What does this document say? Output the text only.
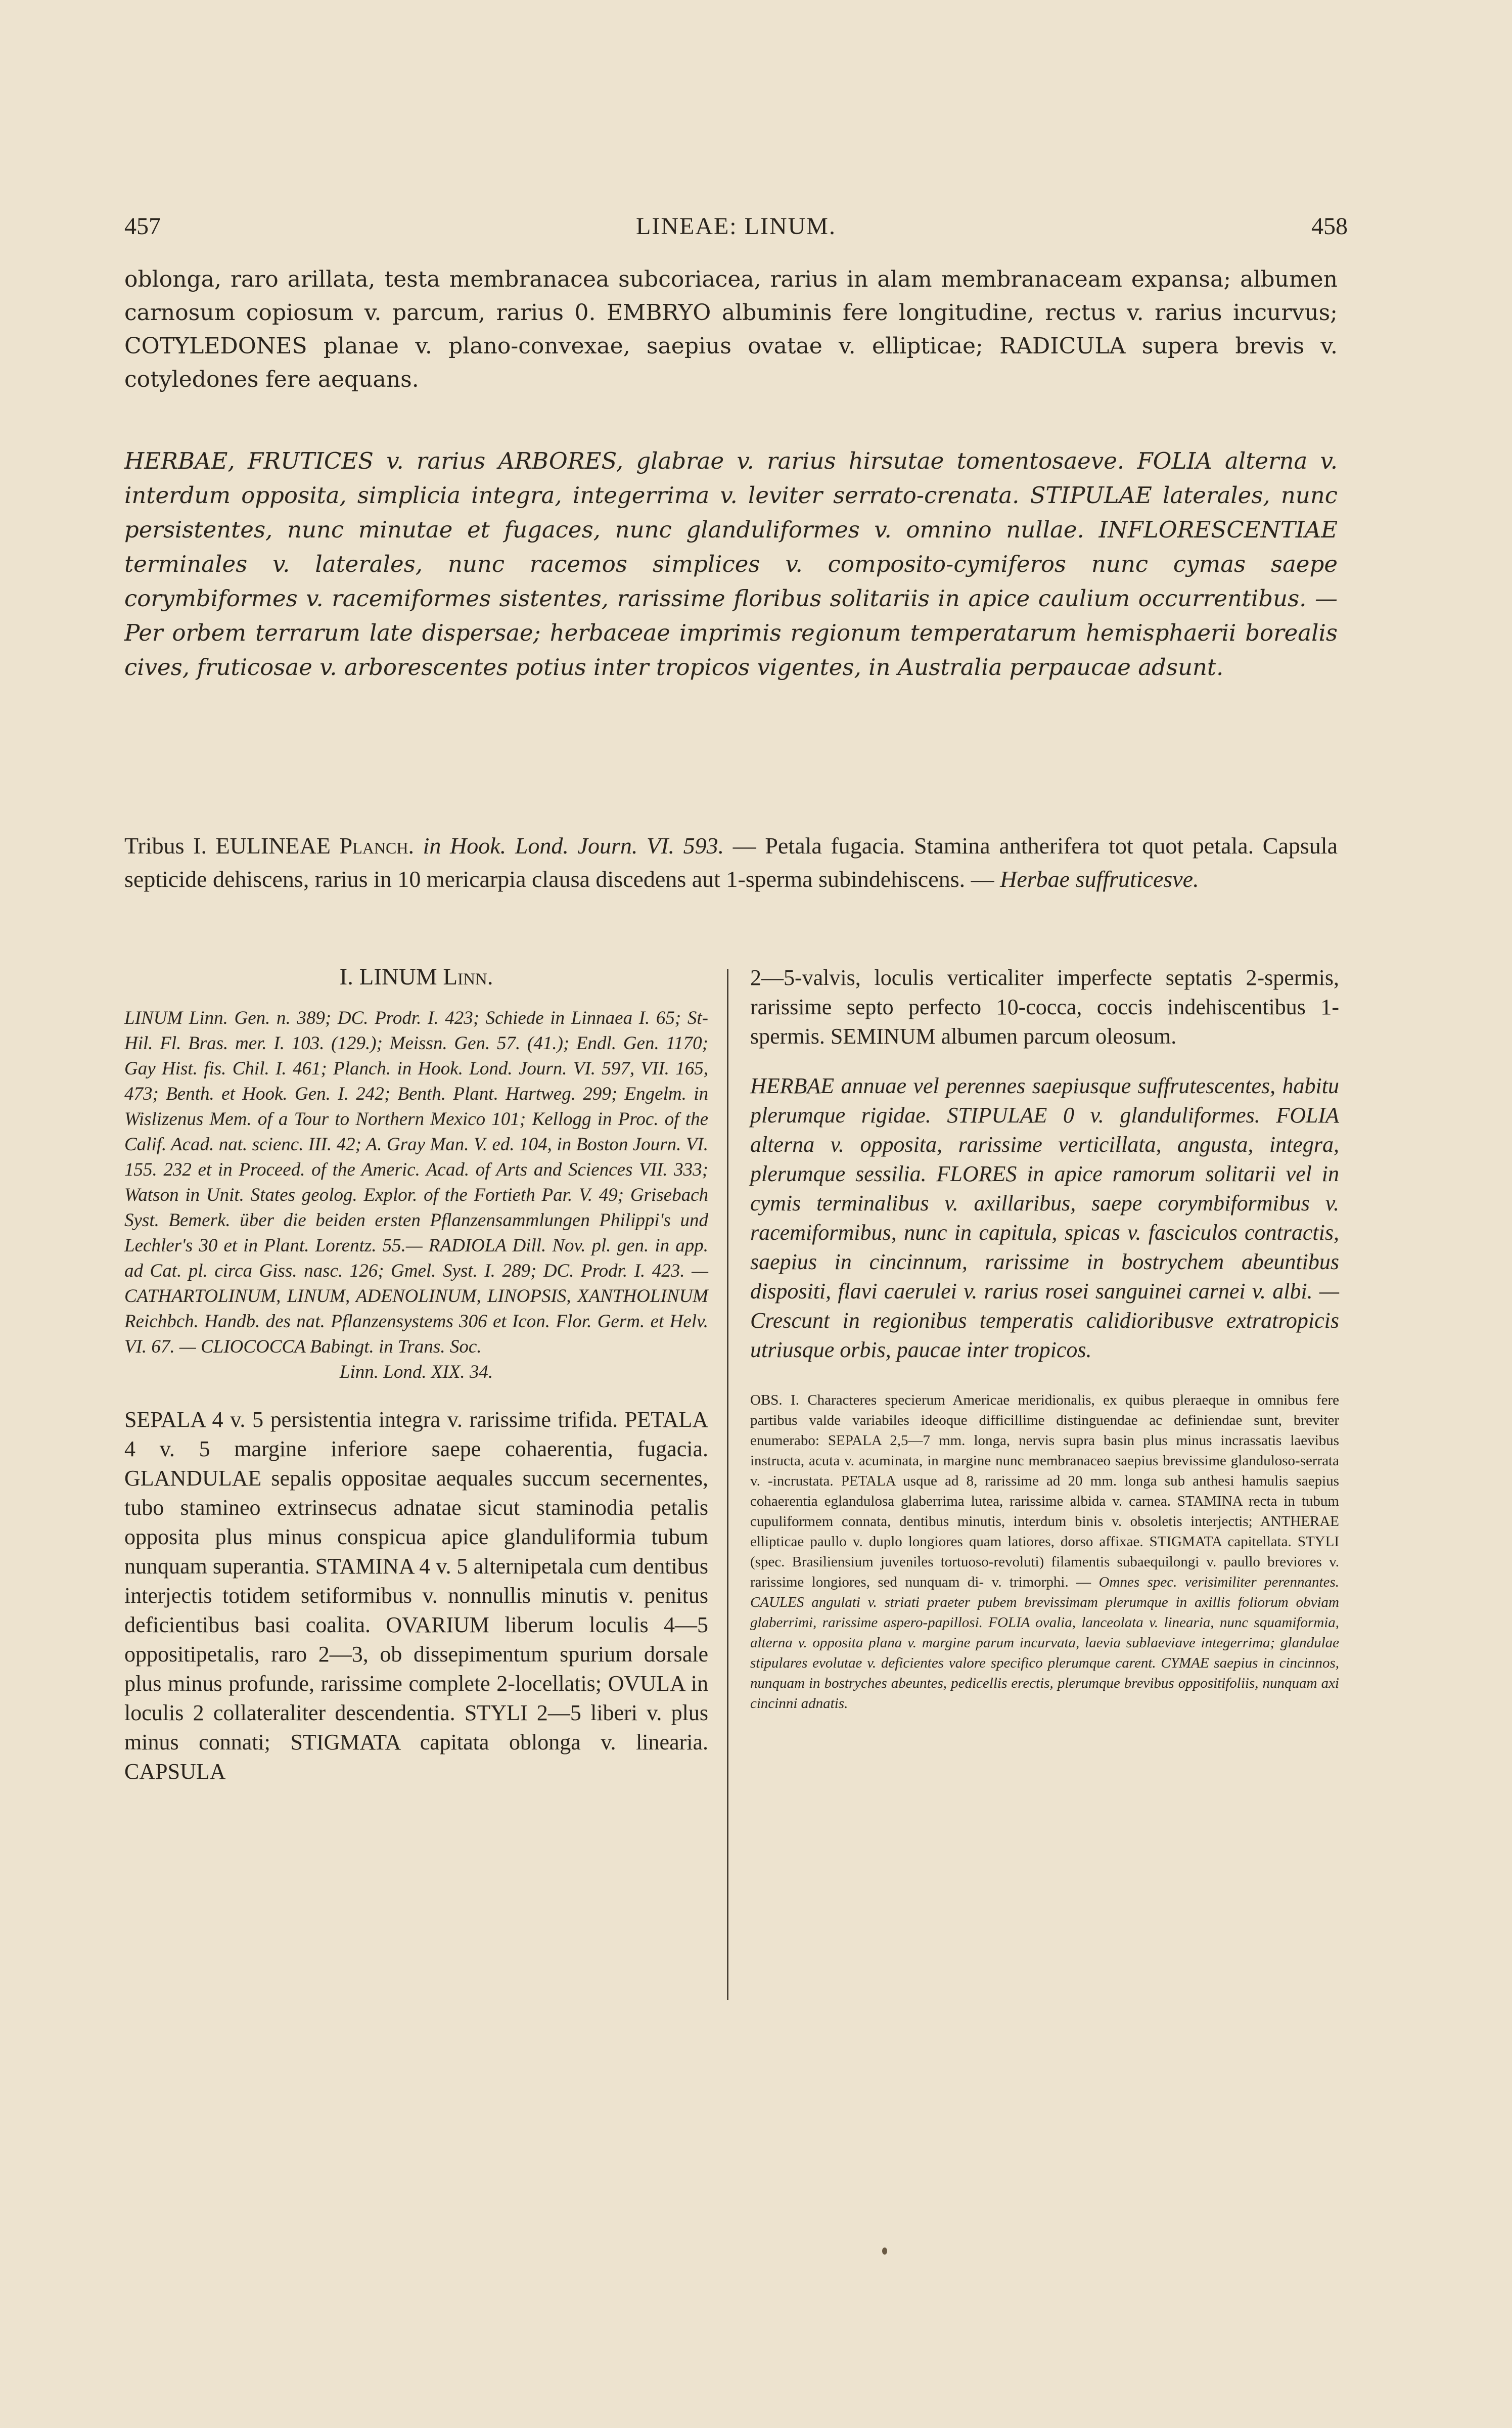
457	LINEAE: LINUM.	458
oblonga, raro arillata, testa membranacea subcoriacea, rarius in alam membranaceam expansa; albumen carnosum copiosum v. parcum, rarius 0. EMBRYO albuminis fere longitudine, rectus v. rarius incurvus; COTYLEDONES planae v. plano-convexae, saepius ovatae v. ellipticae; RADICULA supera brevis v. cotyledones fere aequans.
HERBAE, FRUTICES v. rarius ARBORES, glabrae v. rarius hirsutae tomentosaeve. FOLIA alterna v. interdum opposita, simplicia integra, integerrima v. leviter serrato-crenata. STIPULAE laterales, nunc persistentes, nunc minutae et fugaces, nunc glanduliformes v. omnino nullae. INFLORESCENTIAE terminales v. laterales, nunc racemos simplices v. composito-cymiferos nunc cymas saepe corymbiformes v. racemiformes sistentes, rarissime floribus solitariis in apice caulium occurrentibus. — Per orbem terrarum late dispersae; herbaceae imprimis regionum temperatarum hemisphaerii borealis cives, fruticosae v. arborescentes potius inter tropicos vigentes, in Australia perpaucae adsunt.
Tribus I. EULINEAE Planch. in Hook. Lond. Journ. VI. 593. — Petala fugacia. Stamina antherifera tot quot petala. Capsula septicide dehiscens, rarius in 10 mericarpia clausa discedens aut 1-sperma subindehiscens. — Herbae suffruticesve.
I. LINUM Linn.

LINUM Linn. Gen. n. 389; DC. Prodr. I. 423; Schiede in Linnaea I. 65; St-Hil. Fl. Bras. mer. I. 103. (129.); Meissn. Gen. 57. (41.); Endl. Gen. 1170; Gay Hist. fis. Chil. I. 461; Planch. in Hook. Lond. Journ. VI. 597, VII. 165, 473; Benth. et Hook. Gen. I. 242; Benth. Plant. Hartweg. 299; Engelm. in Wislizenus Mem. of a Tour to Northern Mexico 101; Kellogg in Proc. of the Calif. Acad. nat. scienc. III. 42; A. Gray Man. V. ed. 104, in Boston Journ. VI. 155. 232 et in Proceed. of the Americ. Acad. of Arts and Sciences VII. 333; Watson in Unit. States geolog. Explor. of the Fortieth Par. V. 49; Grisebach Syst. Bemerk. über die beiden ersten Pflanzensammlungen Philippi's und Lechler's 30 et in Plant. Lorentz. 55.— RADIOLA Dill. Nov. pl. gen. in app. ad Cat. pl. circa Giss. nasc. 126; Gmel. Syst. I. 289; DC. Prodr. I. 423. — CATHARTOLINUM, LINUM, ADENOLINUM, LINOPSIS, XANTHOLINUM Reichbch. Handb. des nat. Pflanzensystems 306 et Icon. Flor. Germ. et Helv. VI. 67. — CLIOCOCCA Babingt. in Trans. Soc.

Linn. Lond. XIX. 34.

SEPALA 4 v. 5 persistentia integra v. rarissime trifida. PETALA 4 v. 5 margine inferiore saepe cohaerentia, fugacia. GLANDULAE sepalis oppositae aequales succum secernentes, tubo stamineo extrinsecus adnatae sicut staminodia petalis opposita plus minus conspicua apice glanduliformia tubum nunquam superantia. STAMINA 4 v. 5 alternipetala cum dentibus interjectis totidem setiformibus v. nonnullis minutis v. penitus deficientibus basi coalita. OVARIUM liberum loculis 4—5 oppositipetalis, raro 2—3, ob dissepimentum spurium dorsale plus minus profunde, rarissime complete 2-locellatis; OVULA in loculis 2 collateraliter descendentia. STYLI 2—5 liberi v. plus minus connati; STIGMATA capitata oblonga v. linearia. CAPSULA

2—5-valvis, loculis verticaliter imperfecte septatis 2-spermis, rarissime septo perfecto 10-cocca, coccis indehiscentibus 1-spermis. SEMINUM albumen parcum oleosum.

HERBAE annuae vel perennes saepiusque suffrutescentes, habitu plerumque rigidae. STIPULAE 0 v. glanduliformes. FOLIA alterna v. opposita, rarissime verticillata, angusta, integra, plerumque sessilia. FLORES in apice ramorum solitarii vel in cymis terminalibus v. axillaribus, saepe corymbiformibus v. racemiformibus, nunc in capitula, spicas v. fasciculos contractis, saepius in cincinnum, rarissime in bostrychem abeuntibus dispositi, flavi caerulei v. rarius rosei sanguinei carnei v. albi. — Crescunt in regionibus temperatis calidioribusve extratropicis utriusque orbis, paucae inter tropicos.

OBS. I. Characteres specierum Americae meridionalis, ex quibus pleraeque in omnibus fere partibus valde variabiles ideoque difficillime distinguendae ac definiendae sunt, breviter enumerabo: SEPALA 2,5—7 mm. longa, nervis supra basin plus minus incrassatis laevibus instructa, acuta v. acuminata, in margine nunc membranaceo saepius brevissime glanduloso-serrata v. -incrustata. PETALA usque ad 8, rarissime ad 20 mm. longa sub anthesi hamulis saepius cohaerentia eglandulosa glaberrima lutea, rarissime albida v. carnea. STAMINA recta in tubum cupuliformem connata, dentibus minutis, interdum binis v. obsoletis interjectis; ANTHERAE ellipticae paullo v. duplo longiores quam latiores, dorso affixae. STIGMATA capitellata. STYLI (spec. Brasiliensium juveniles tortuoso-revoluti) filamentis subaequilongi v. paullo breviores v. rarissime longiores, sed nunquam di- v. trimorphi. — Omnes spec. verisimiliter perennantes. CAULES angulati v. striati praeter pubem brevissimam plerumque in axillis foliorum obviam glaberrimi, rarissime aspero-papillosi. FOLIA ovalia, lanceolata v. linearia, nunc squamiformia, alterna v. opposita plana v. margine parum incurvata, laevia sublaeviave integerrima; glandulae stipulares evolutae v. deficientes valore specifico plerumque carent. CYMAE saepius in cincinnos, nunquam in bostryches abeuntes, pedicellis erectis, plerumque brevibus oppositifoliis, nunquam axi cincinni adnatis.
